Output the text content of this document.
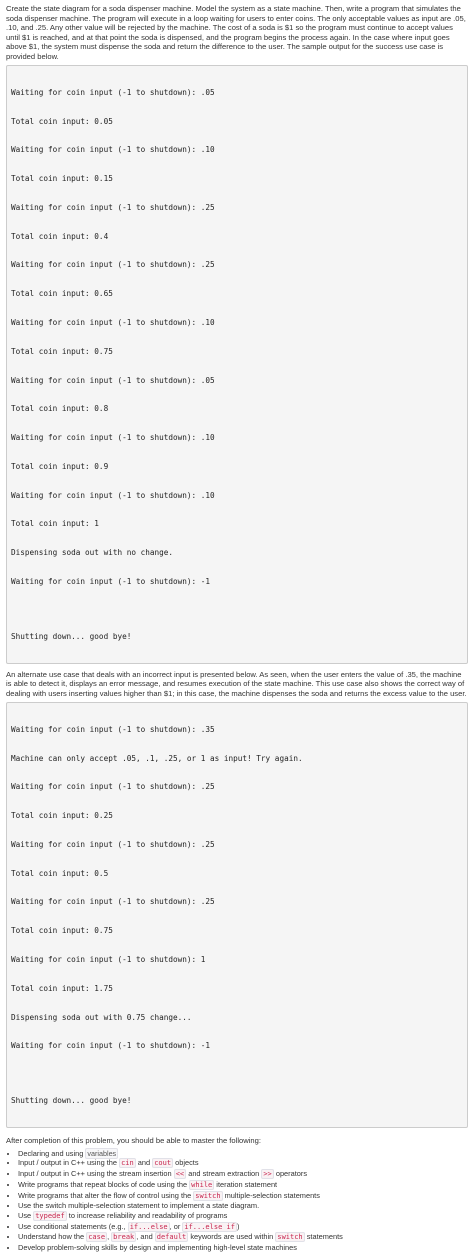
Create the state diagram for a soda dispenser machine. Model the system as a state machine. Then, write a program that simulates the soda dispenser machine. The program will execute in a loop waiting for users to enter coins. The only acceptable values as input are .05, .10, and .25. Any other value will be rejected by the machine. The cost of a soda is $1 so the program must continue to accept values until $1 is reached, and at that point the soda is dispensed, and the program begins the process again. In the case where input goes above $1, the system must dispense the soda and return the difference to the user. The sample output for the success use case is provided below.

Waiting for coin input (-1 to shutdown): .05

Total coin input: 0.05

Waiting for coin input (-1 to shutdown): .10

Total coin input: 0.15

Waiting for coin input (-1 to shutdown): .25

Total coin input: 0.4

Waiting for coin input (-1 to shutdown): .25

Total coin input: 0.65

Waiting for coin input (-1 to shutdown): .10

Total coin input: 0.75

Waiting for coin input (-1 to shutdown): .05

Total coin input: 0.8

Waiting for coin input (-1 to shutdown): .10

Total coin input: 0.9

Waiting for coin input (-1 to shutdown): .10

Total coin input: 1

Dispensing soda out with no change.

Waiting for coin input (-1 to shutdown): -1

Shutting down... good bye!

An alternate use case that deals with an incorrect input is presented below. As seen, when the user enters the value of .35, the machine is able to detect it, displays an error message, and resumes execution of the state machine. This use case also shows the correct way of dealing with users inserting values higher than $1; in this case, the machine dispenses the soda and returns the excess value to the user.

Waiting for coin input (-1 to shutdown): .35

Machine can only accept .05, .1, .25, or 1 as input! Try again.

Waiting for coin input (-1 to shutdown): .25

Total coin input: 0.25

Waiting for coin input (-1 to shutdown): .25

Total coin input: 0.5

Waiting for coin input (-1 to shutdown): .25

Total coin input: 0.75

Waiting for coin input (-1 to shutdown): 1

Total coin input: 1.75

Dispensing soda out with 0.75 change...

Waiting for coin input (-1 to shutdown): -1

Shutting down... good bye!

After completion of this problem, you should be able to master the following:

• Declaring and using variables
• Input / output in C++ using the cin and cout objects
• Input / output in C++ using the stream insertion << and stream extraction >> operators
• Write programs that repeat blocks of code using the while iteration statement
• Write programs that alter the flow of control using the switch multiple-selection statements
• Use the switch multiple-selection statement to implement a state diagram.
• Use typedef to increase reliability and readability of programs
• Use conditional statements (e.g., if...else , or if...else if )
• Understand how the case , break , and default keywords are used within switch statements
• Develop problem-solving skills by design and implementing high-level state machines
